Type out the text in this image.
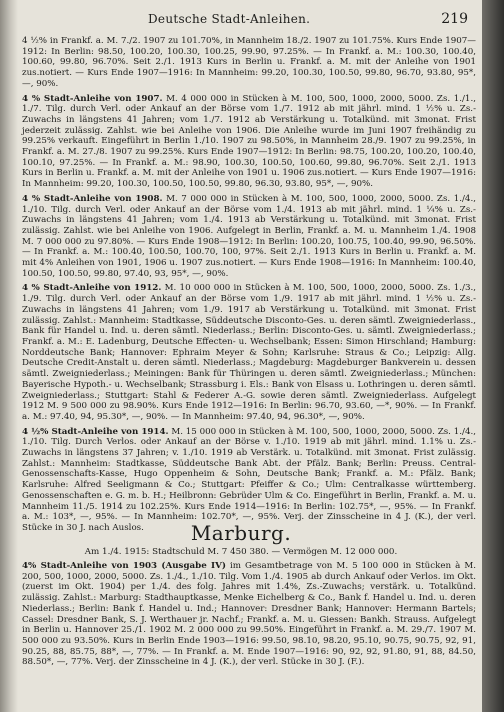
Deutsche Stadt-Anleihen.	219

4 ½% in Frankf. a. M. 7./2. 1907 zu 101.70%, in Mannheim 18./2. 1907 zu 101.75%. Kurs Ende 1907—1912: In Berlin: 98.50, 100.20, 100.30, 100.25, 99.90, 97.25%. — In Frankf. a. M.: 100.30, 100.40, 100.60, 99.80, 96.70%. Seit 2./1. 1913 Kurs in Berlin u. Frankf. a. M. mit der Anleihe von 1901 zus.notiert. — Kurs Ende 1907—1916: In Mannheim: 99.20, 100.30, 100.50, 99.80, 96.70, 93.80, 95*, —, 90%.

4 % Stadt-Anleihe von 1907. M. 4 000 000 in Stücken à M. 100, 500, 1000, 2000, 5000. Zs. 1./1., 1./7. Tilg. durch Verl. oder Ankauf an der Börse vom 1./7. 1912 ab mit jährl. mind. 1 ½% u. Zs.-Zuwachs in längstens 41 Jahren; vom 1./7. 1912 ab Verstärkung u. Totalkünd. mit 3monat. Frist jederzeit zulässig. Zahlst. wie bei Anleihe von 1906. Die Anleihe wurde im Juni 1907 freihändig zu 99.25% verkauft. Eingeführt in Berlin 1./10. 1907 zu 98.50%, in Mannheim 28./9. 1907 zu 99.25%, in Frankf. a. M. 27./8. 1907 zu 99.25%. Kurs Ende 1907—1912: In Berlin: 98.75, 100.20, 100.20, 100.40, 100.10, 97.25%. — In Frankf. a. M.: 98.90, 100.30, 100.50, 100.60, 99.80, 96.70%. Seit 2./1. 1913 Kurs in Berlin u. Frankf. a. M. mit der Anleihe von 1901 u. 1906 zus.notiert. — Kurs Ende 1907—1916: In Mannheim: 99.20, 100.30, 100.50, 100.50, 99.80, 96.30, 93.80, 95*, —, 90%.

4 % Stadt-Anleihe von 1908. M. 7 000 000 in Stücken à M. 100, 500, 1000, 2000, 5000. Zs. 1./4., 1./10. Tilg. durch Verl. oder Ankauf an der Börse vom 1./4. 1913 ab mit jährl. mind. 1 ¼% u. Zs.-Zuwachs in längstens 41 Jahren; vom 1./4. 1913 ab Verstärkung u. Totalkünd. mit 3monat. Frist zulässig. Zahlst. wie bei Anleihe von 1906. Aufgelegt in Berlin, Frankf. a. M. u. Mannheim 1./4. 1908 M. 7 000 000 zu 97.80%. — Kurs Ende 1908—1912: In Berlin: 100.20, 100.75, 100.40, 99.90, 96.50%. — In Frankf. a. M.: 100.40, 100.50, 100.70, 100, 97%. Seit 2./1. 1913 Kurs in Berlin u. Frankf. a. M. mit 4% Anleihen von 1901, 1906 u. 1907 zus.notiert. — Kurs Ende 1908—1916: In Mannheim: 100.40, 100.50, 100.50, 99.80, 97.40, 93, 95*, —, 90%.

4 % Stadt-Anleihe von 1912. M. 10 000 000 in Stücken à M. 100, 500, 1000, 2000, 5000. Zs. 1./3., 1./9. Tilg. durch Verl. oder Ankauf an der Börse vom 1./9. 1917 ab mit jährl. mind. 1 ½% u. Zs.-Zuwachs in längstens 41 Jahren; vom 1./9. 1917 ab Verstärkung u. Totalkünd. mit 3monat. Frist zulässig. Zahlst.: Mannheim: Stadtkasse, Süddeutsche Disconto-Ges. u. deren sämtl. Zweigniederlass., Bank für Handel u. Ind. u. deren sämtl. Niederlass.; Berlin: Disconto-Ges. u. sämtl. Zweigniederlass.; Frankf. a. M.: E. Ladenburg, Deutsche Effecten- u. Wechselbank; Essen: Simon Hirschland; Hamburg: Norddeutsche Bank; Hannover: Ephraim Meyer & Sohn; Karlsruhe: Straus & Co.; Leipzig: Allg. Deutsche Credit-Anstalt u. deren sämtl. Niederlass.; Magdeburg: Magdeburger Bankverein u. dessen sämtl. Zweigniederlass.; Meiningen: Bank für Thüringen u. deren sämtl. Zweigniederlass.; München: Bayerische Hypoth.- u. Wechselbank; Strassburg i. Els.: Bank von Elsass u. Lothringen u. deren sämtl. Zweigniederlass.; Stuttgart: Stahl & Federer A.-G. sowie deren sämtl. Zweigniederlass. Aufgelegt 1912 M. 9 500 000 zu 98.90%. Kurs Ende 1912—1916: In Berlin: 96.70, 93.60, —*, 90%. — In Frankf. a. M.: 97.40, 94, 95.30*, —, 90%. — In Mannheim: 97.40, 94, 96.30*, —, 90%.

4 ½% Stadt-Anleihe von 1914. M. 15 000 000 in Stücken à M. 100, 500, 1000, 2000, 5000. Zs. 1./4., 1./10. Tilg. Durch Verlos. oder Ankauf an der Börse v. 1./10. 1919 ab mit jährl. mind. 1.1% u. Zs.-Zuwachs in längstens 37 Jahren; v. 1./10. 1919 ab Verstärk. u. Totalkünd. mit 3monat. Frist zulässig. Zahlst.: Mannheim: Stadtkasse, Süddeutsche Bank Abt. der Pfälz. Bank; Berlin: Preuss. Central-Genossenschafts-Kasse, Hugo Oppenheim & Sohn, Deutsche Bank; Frankf. a. M.: Pfälz. Bank; Karlsruhe: Alfred Seeligmann & Co.; Stuttgart: Pfeiffer & Co.; Ulm: Centralkasse württemberg. Genossenschaften e. G. m. b. H.; Heilbronn: Gebrüder Ulm & Co. Eingeführt in Berlin, Frankf. a. M. u. Mannheim 11./5. 1914 zu 102.25%. Kurs Ende 1914—1916: In Berlin: 102.75*, —, 95%. — In Frankf. a. M.: 103*, —, 95%. — In Mannheim: 102.70*, —, 95%. Verj. der Zinsscheine in 4 J. (K.), der verl. Stücke in 30 J. nach Auslos.	Marburg.
Am 1./4. 1915: Stadtschuld M. 7 450 380. — Vermögen M. 12 000 000.

4% Stadt-Anleihe von 1903 (Ausgabe IV) im Gesamtbetrage von M. 5 100 000 in Stücken à M. 200, 500, 1000, 2000, 5000. Zs. 1./4., 1./10. Tilg. Vom 1./4. 1905 ab durch Ankauf oder Verlos. im Okt. (zuerst im Okt. 1904) per 1./4. des folg. Jahres mit 1.4%, Zs.-Zuwachs; verstärk. u. Totalkünd. zulässig. Zahlst.: Marburg: Stadthauptkasse, Menke Eichelberg & Co., Bank f. Handel u. Ind. u. deren Niederlass.; Berlin: Bank f. Handel u. Ind.; Hannover: Dresdner Bank; Hannover: Hermann Bartels; Cassel: Dresdner Bank, S. J. Werthauer jr. Nachf.; Frankf. a. M. u. Giessen: Bankh. Strauss. Aufgelegt in Berlin u. Hannover 25./1. 1902 M. 2 000 000 zu 99.50%. Eingeführt in Frankf. a. M. 29./7. 1907 M. 500 000 zu 93.50%. Kurs in Berlin Ende 1903—1916: 99.50, 98.10, 98.20, 95.10, 90.75, 90.75, 92, 91, 90.25, 88, 85.75, 88*, —, 77%. — In Frankf. a. M. Ende 1907—1916: 90, 92, 92, 91.80, 91, 88, 84.50, 88.50*, —, 77%. Verj. der Zinsscheine in 4 J. (K.), der verl. Stücke in 30 J. (F.).
